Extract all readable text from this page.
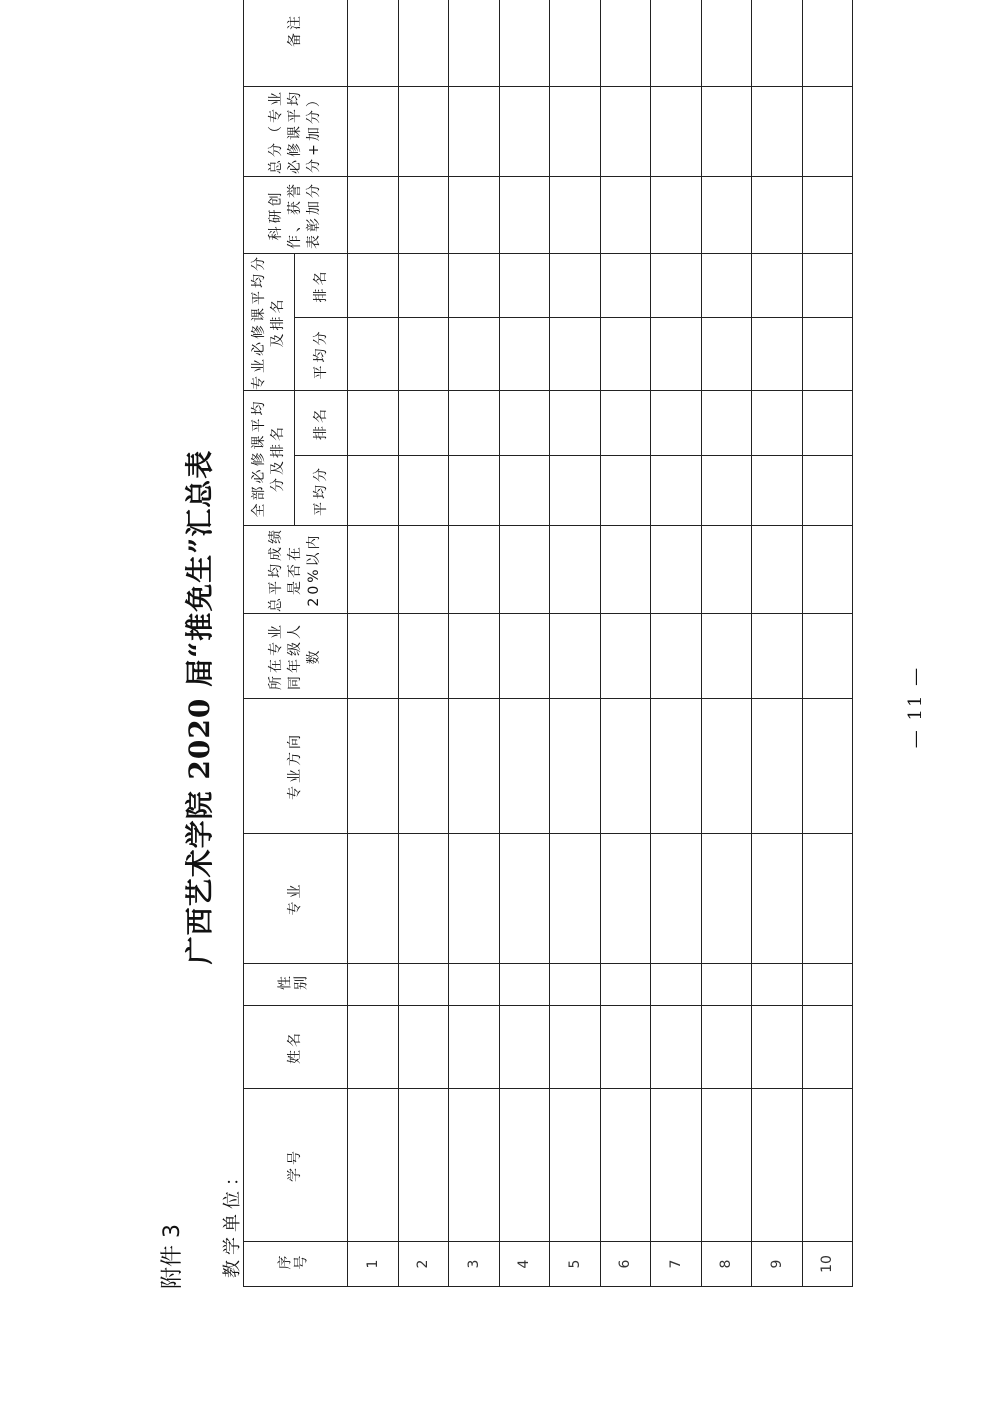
附件 3
广西艺术学院 2020 届“推免生”汇总表
教学单位： 序号	学号	姓名	性别	专业	专业方向	所在专业同年级人数	总平均成绩是否在20%以内	全部必修课平均分及排名		专业必修课平均分及排名		科研创作、获誉表彰加分	总分（专业必修课平均分+加分）	备注
								平均分	排名	平均分	排名			
1														
2														
3														
4														
5														
6														
7														
8														
9														
10														
— 11 —
